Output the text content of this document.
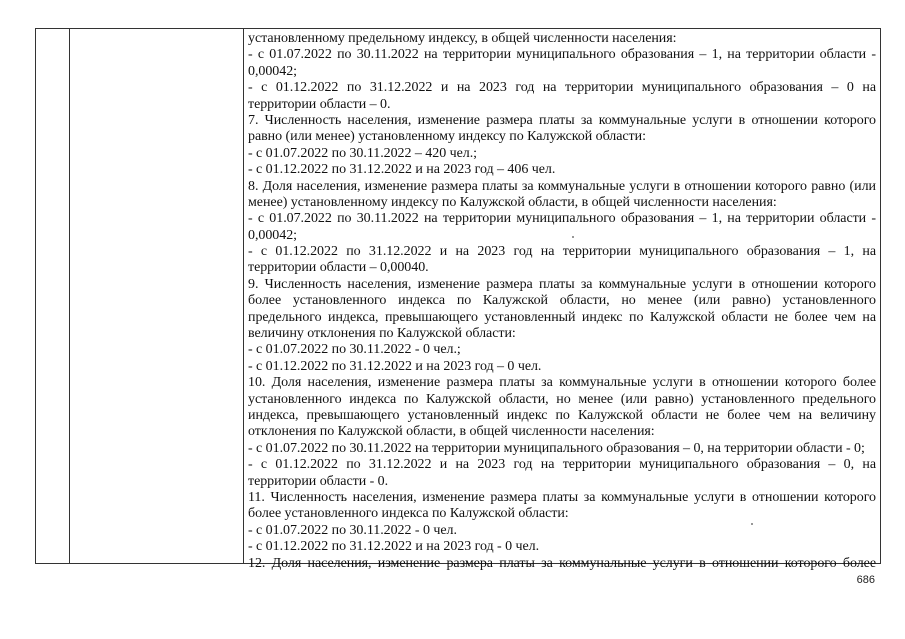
установленному предельному индексу, в общей численности населения:
- с 01.07.2022 по 30.11.2022 на территории муниципального образования – 1, на территории области -
0,00042;
- с 01.12.2022 по 31.12.2022 и на 2023 год на территории муниципального образования – 0 на
территории области – 0.
7. Численность населения, изменение размера платы за коммунальные услуги в отношении которого
равно (или менее) установленному индексу по Калужской области:
- с 01.07.2022 по 30.11.2022 – 420 чел.;
- с 01.12.2022 по 31.12.2022 и на 2023 год – 406 чел.
8. Доля населения, изменение размера платы за коммунальные услуги в отношении которого равно (или
менее) установленному индексу по Калужской области, в общей численности населения:
- с 01.07.2022 по 30.11.2022 на территории муниципального образования – 1, на территории области -
0,00042;
- с 01.12.2022 по 31.12.2022 и на 2023 год на территории муниципального образования – 1, на
территории области – 0,00040.
9. Численность населения, изменение размера платы за коммунальные услуги в отношении которого
более установленного индекса по Калужской области, но менее (или равно) установленного
предельного индекса, превышающего установленный индекс по Калужской области не более чем на
величину отклонения по Калужской области:
- с 01.07.2022 по 30.11.2022 - 0 чел.;
- с 01.12.2022 по 31.12.2022 и на 2023 год – 0 чел.
10. Доля населения, изменение размера платы за коммунальные услуги в отношении которого более
установленного индекса по Калужской области, но менее (или равно) установленного предельного
индекса, превышающего установленный индекс по Калужской области не более чем на величину
отклонения по Калужской области, в общей численности населения:
- с 01.07.2022 по 30.11.2022 на территории муниципального образования – 0, на территории области - 0;
- с 01.12.2022 по 31.12.2022 и на 2023 год на территории муниципального образования – 0, на
территории области - 0.
11. Численность населения, изменение размера платы за коммунальные услуги в отношении которого
более установленного индекса по Калужской области:
- с 01.07.2022 по 30.11.2022 - 0 чел.
- с 01.12.2022 по 31.12.2022 и на 2023 год - 0 чел.
12. Доля населения, изменение размера платы за коммунальные услуги в отношении которого более
686
